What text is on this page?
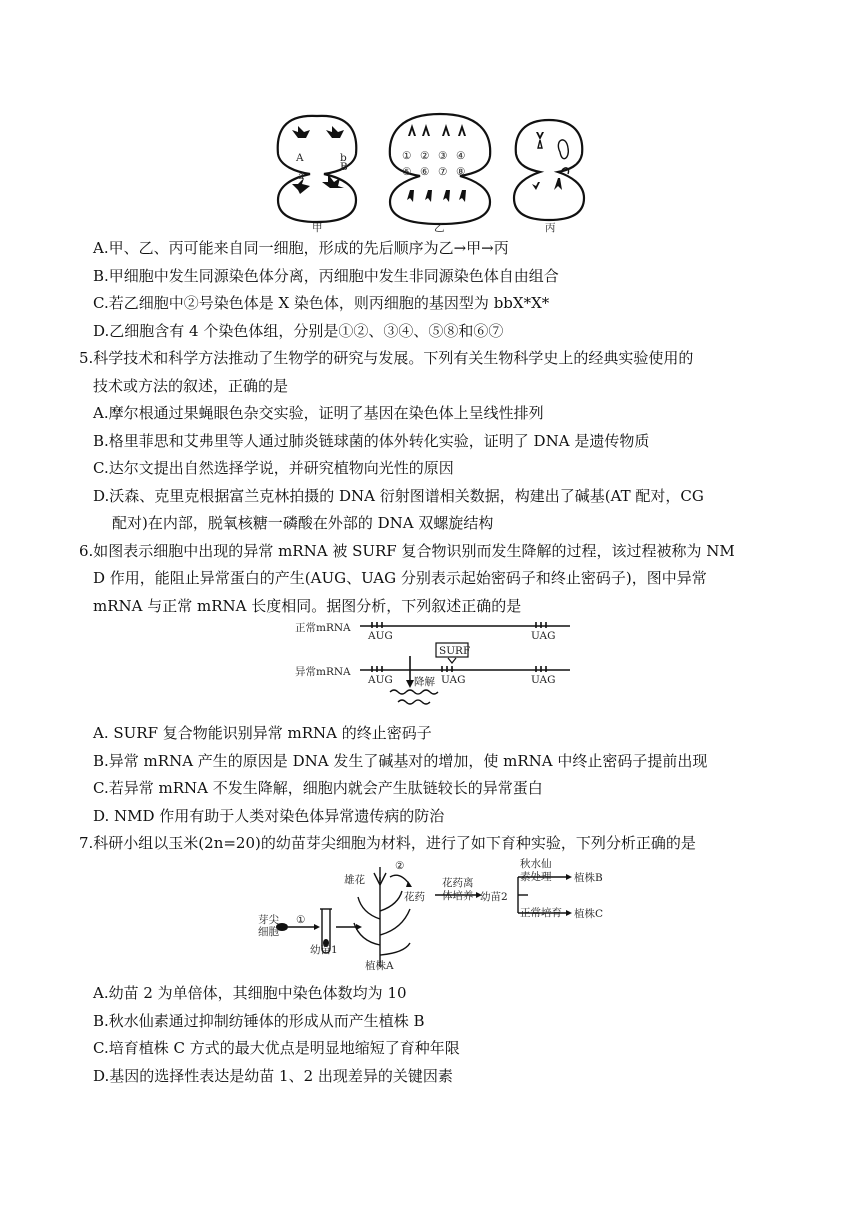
甲	乙	丙
A
a
b
B
① ② ③ ④
⑤ ⑥ ⑦ ⑧
A.甲、乙、丙可能来自同一细胞，形成的先后顺序为乙→甲→丙
B.甲细胞中发生同源染色体分离，丙细胞中发生非同源染色体自由组合
C.若乙细胞中②号染色体是 X 染色体，则丙细胞的基因型为 bbX*X*
D.乙细胞含有 4 个染色体组，分别是①②、③④、⑤⑧和⑥⑦
5.科学技术和科学方法推动了生物学的研究与发展。下列有关生物科学史上的经典实验使用的
技术或方法的叙述，正确的是
A.摩尔根通过果蝇眼色杂交实验，证明了基因在染色体上呈线性排列
B.格里菲思和艾弗里等人通过肺炎链球菌的体外转化实验，证明了 DNA 是遗传物质
C.达尔文提出自然选择学说，并研究植物向光性的原因
D.沃森、克里克根据富兰克林拍摄的 DNA 衍射图谱相关数据，构建出了碱基(AT 配对，CG
配对)在内部，脱氧核糖一磷酸在外部的 DNA 双螺旋结构
6.如图表示细胞中出现的异常 mRNA 被 SURF 复合物识别而发生降解的过程，该过程被称为 NM
D 作用，能阻止异常蛋白的产生(AUG、UAG 分别表示起始密码子和终止密码子)，图中异常
mRNA 与正常 mRNA 长度相同。据图分析，下列叙述正确的是
正常mRNA
异常mRNA
AUG	UAG
AUG 降解 UAG	UAG
SURF
A. SURF 复合物能识别异常 mRNA 的终止密码子
B.异常 mRNA 产生的原因是 DNA 发生了碱基对的增加，使 mRNA 中终止密码子提前出现
C.若异常 mRNA 不发生降解，细胞内就会产生肽链较长的异常蛋白
D. NMD 作用有助于人类对染色体异常遗传病的防治
7.科研小组以玉米(2n=20)的幼苗芽尖细胞为材料，进行了如下育种实验，下列分析正确的是
芽尖
细胞
①
幼苗1
植株A
雄花
②
花药
花药离
体培养 幼苗2
秋水仙
素处理 植株B
正常培育 植株C
A.幼苗 2 为单倍体，其细胞中染色体数均为 10
B.秋水仙素通过抑制纺锤体的形成从而产生植株 B
C.培育植株 C 方式的最大优点是明显地缩短了育种年限
D.基因的选择性表达是幼苗 1、2 出现差异的关键因素
